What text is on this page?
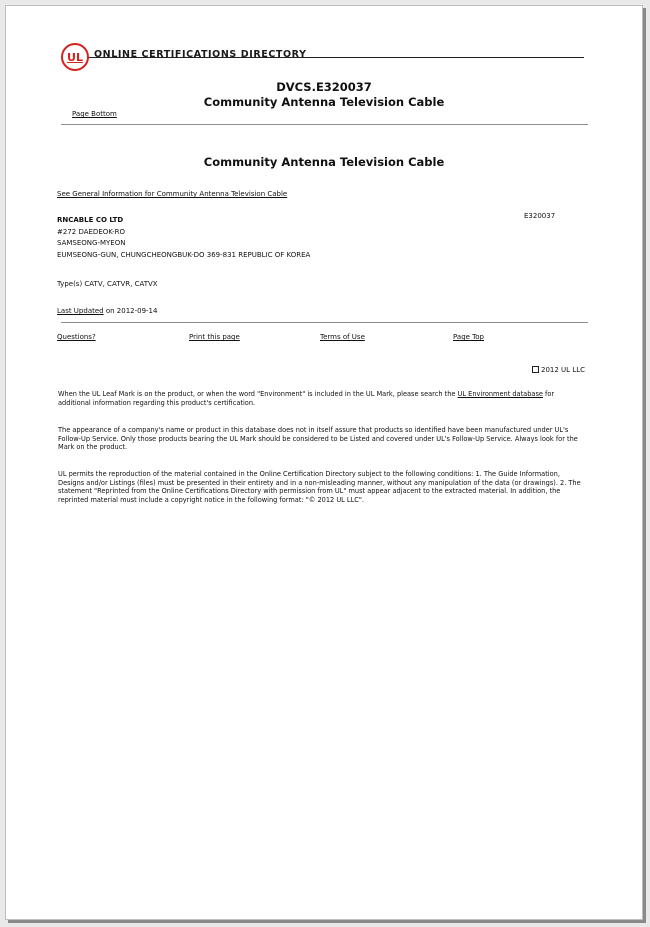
UL ONLINE CERTIFICATIONS DIRECTORY
DVCS.E320037
Community Antenna Television Cable
Page Bottom
Community Antenna Television Cable
See General Information for Community Antenna Television Cable
RNCABLE CO LTD	E320037
#272 DAEDEOK-RO
SAMSEONG-MYEON
EUMSEONG-GUN, CHUNGCHEONGBUK-DO 369-831 REPUBLIC OF KOREA
Type(s) CATV, CATVR, CATVX
Last Updated on 2012-09-14
Questions?	Print this page	Terms of Use	Page Top
2012 UL LLC
When the UL Leaf Mark is on the product, or when the word "Environment" is included in the UL Mark, please search the UL Environment database for additional information regarding this product's certification.
The appearance of a company's name or product in this database does not in itself assure that products so identified have been manufactured under UL's Follow-Up Service. Only those products bearing the UL Mark should be considered to be Listed and covered under UL's Follow-Up Service. Always look for the Mark on the product.
UL permits the reproduction of the material contained in the Online Certification Directory subject to the following conditions: 1. The Guide Information, Designs and/or Listings (files) must be presented in their entirety and in a non-misleading manner, without any manipulation of the data (or drawings). 2. The statement "Reprinted from the Online Certifications Directory with permission from UL" must appear adjacent to the extracted material. In addition, the reprinted material must include a copyright notice in the following format: "© 2012 UL LLC".
